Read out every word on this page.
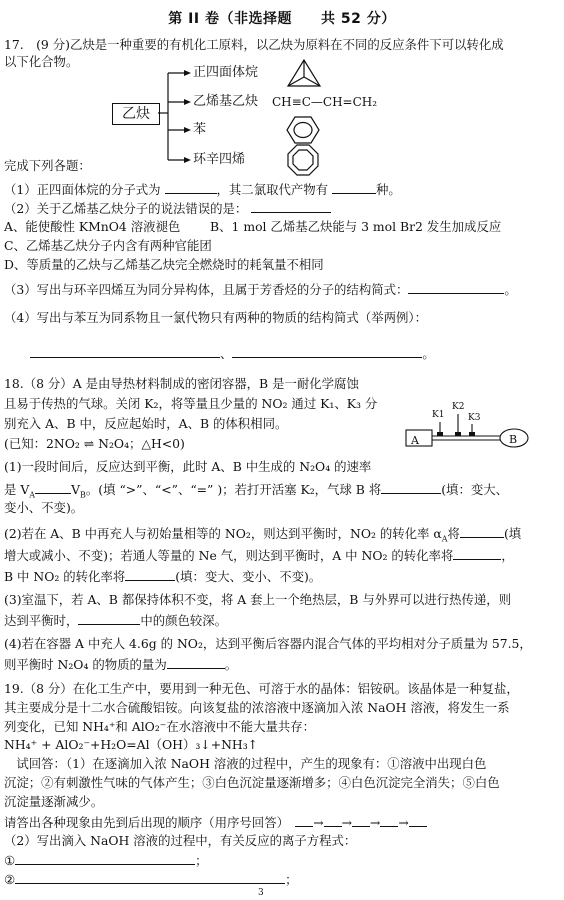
第 II 卷（非选择题　　共 52 分）
17.　(9 分)乙炔是一种重要的有机化工原料，以乙炔为原料在不同的反应条件下可以转化成
以下化合物。
乙炔
正四面体烷
乙烯基乙炔
苯
环辛四烯
CH≡C—CH=CH₂
完成下列各题：
（1）正四面体烷的分子式为	，其二氯取代产物有	种。
（2）关于乙烯基乙炔分子的说法错误的是：
A、能使酸性 KMnO4 溶液褪色 B、1 mol 乙烯基乙炔能与 3 mol Br2 发生加成反应
C、乙烯基乙炔分子内含有两种官能团
D、等质量的乙炔与乙烯基乙炔完全燃烧时的耗氧量不相同
（3）写出与环辛四烯互为同分异构体，且属于芳香烃的分子的结构简式：	。
（4）写出与苯互为同系物且一氯代物只有两种的物质的结构简式（举两例）：
、	。
18.（8 分）A 是由导热材料制成的密闭容器，B 是一耐化学腐蚀
且易于传热的气球。关闭 K₂，将等量且少量的 NO₂ 通过 K₁、K₃ 分
别充入 A、B 中，反应起始时，A、B 的体积相同。
(已知：2NO₂ ⇌ N₂O₄；△H<0)	A	B
K1
K2
K3
(1)一段时间后，反应达到平衡，此时 A、B 中生成的 N₂O₄ 的速率
是 $V_A$	$V_B$。(填 “>”、“<”、“=” )；若打开活塞 K₂，气球 B 将	(填：变大、
变小、不变)。
(2)若在 A、B 中再充人与初始量相等的 NO₂，则达到平衡时，NO₂ 的转化率 $\alpha_A$将	(填
增大或减小、不变)；若通人等量的 Ne 气，则达到平衡时，A 中 NO₂ 的转化率将	，
B 中 NO₂ 的转化率将	(填：变大、变小、不变)。
(3)室温下，若 A、B 都保持体积不变，将 A 套上一个绝热层，B 与外界可以进行热传递，则
达到平衡时，	中的颜色较深。
(4)若在容器 A 中充人 4.6g 的 NO₂，达到平衡后容器内混合气体的平均相对分子质量为 57.5，
则平衡时 N₂O₄ 的物质的量为	。
19.（8 分）在化工生产中，要用到一种无色、可溶于水的晶体：铝铵矾。该晶体是一种复盐，
其主要成分是十二水合硫酸铝铵。向该复盐的浓溶液中逐滴加入浓 NaOH 溶液，将发生一系
列变化，已知 NH₄⁺和 AlO₂⁻在水溶液中不能大量共存：
NH₄⁺ + AlO₂⁻+H₂O=Al（OH）₃↓+NH₃↑
　试回答：（1）在逐滴加入浓 NaOH 溶液的过程中，产生的现象有：①溶液中出现白色
沉淀；②有刺激性气味的气体产生；③白色沉淀量逐渐增多；④白色沉淀完全消失；⑤白色
沉淀量逐渐减少。
请答出各种现象由先到后出现的顺序（用序号回答）　 → → → →
（2）写出滴入 NaOH 溶液的过程中，有关反应的离子方程式：
①	；
②	；
3
